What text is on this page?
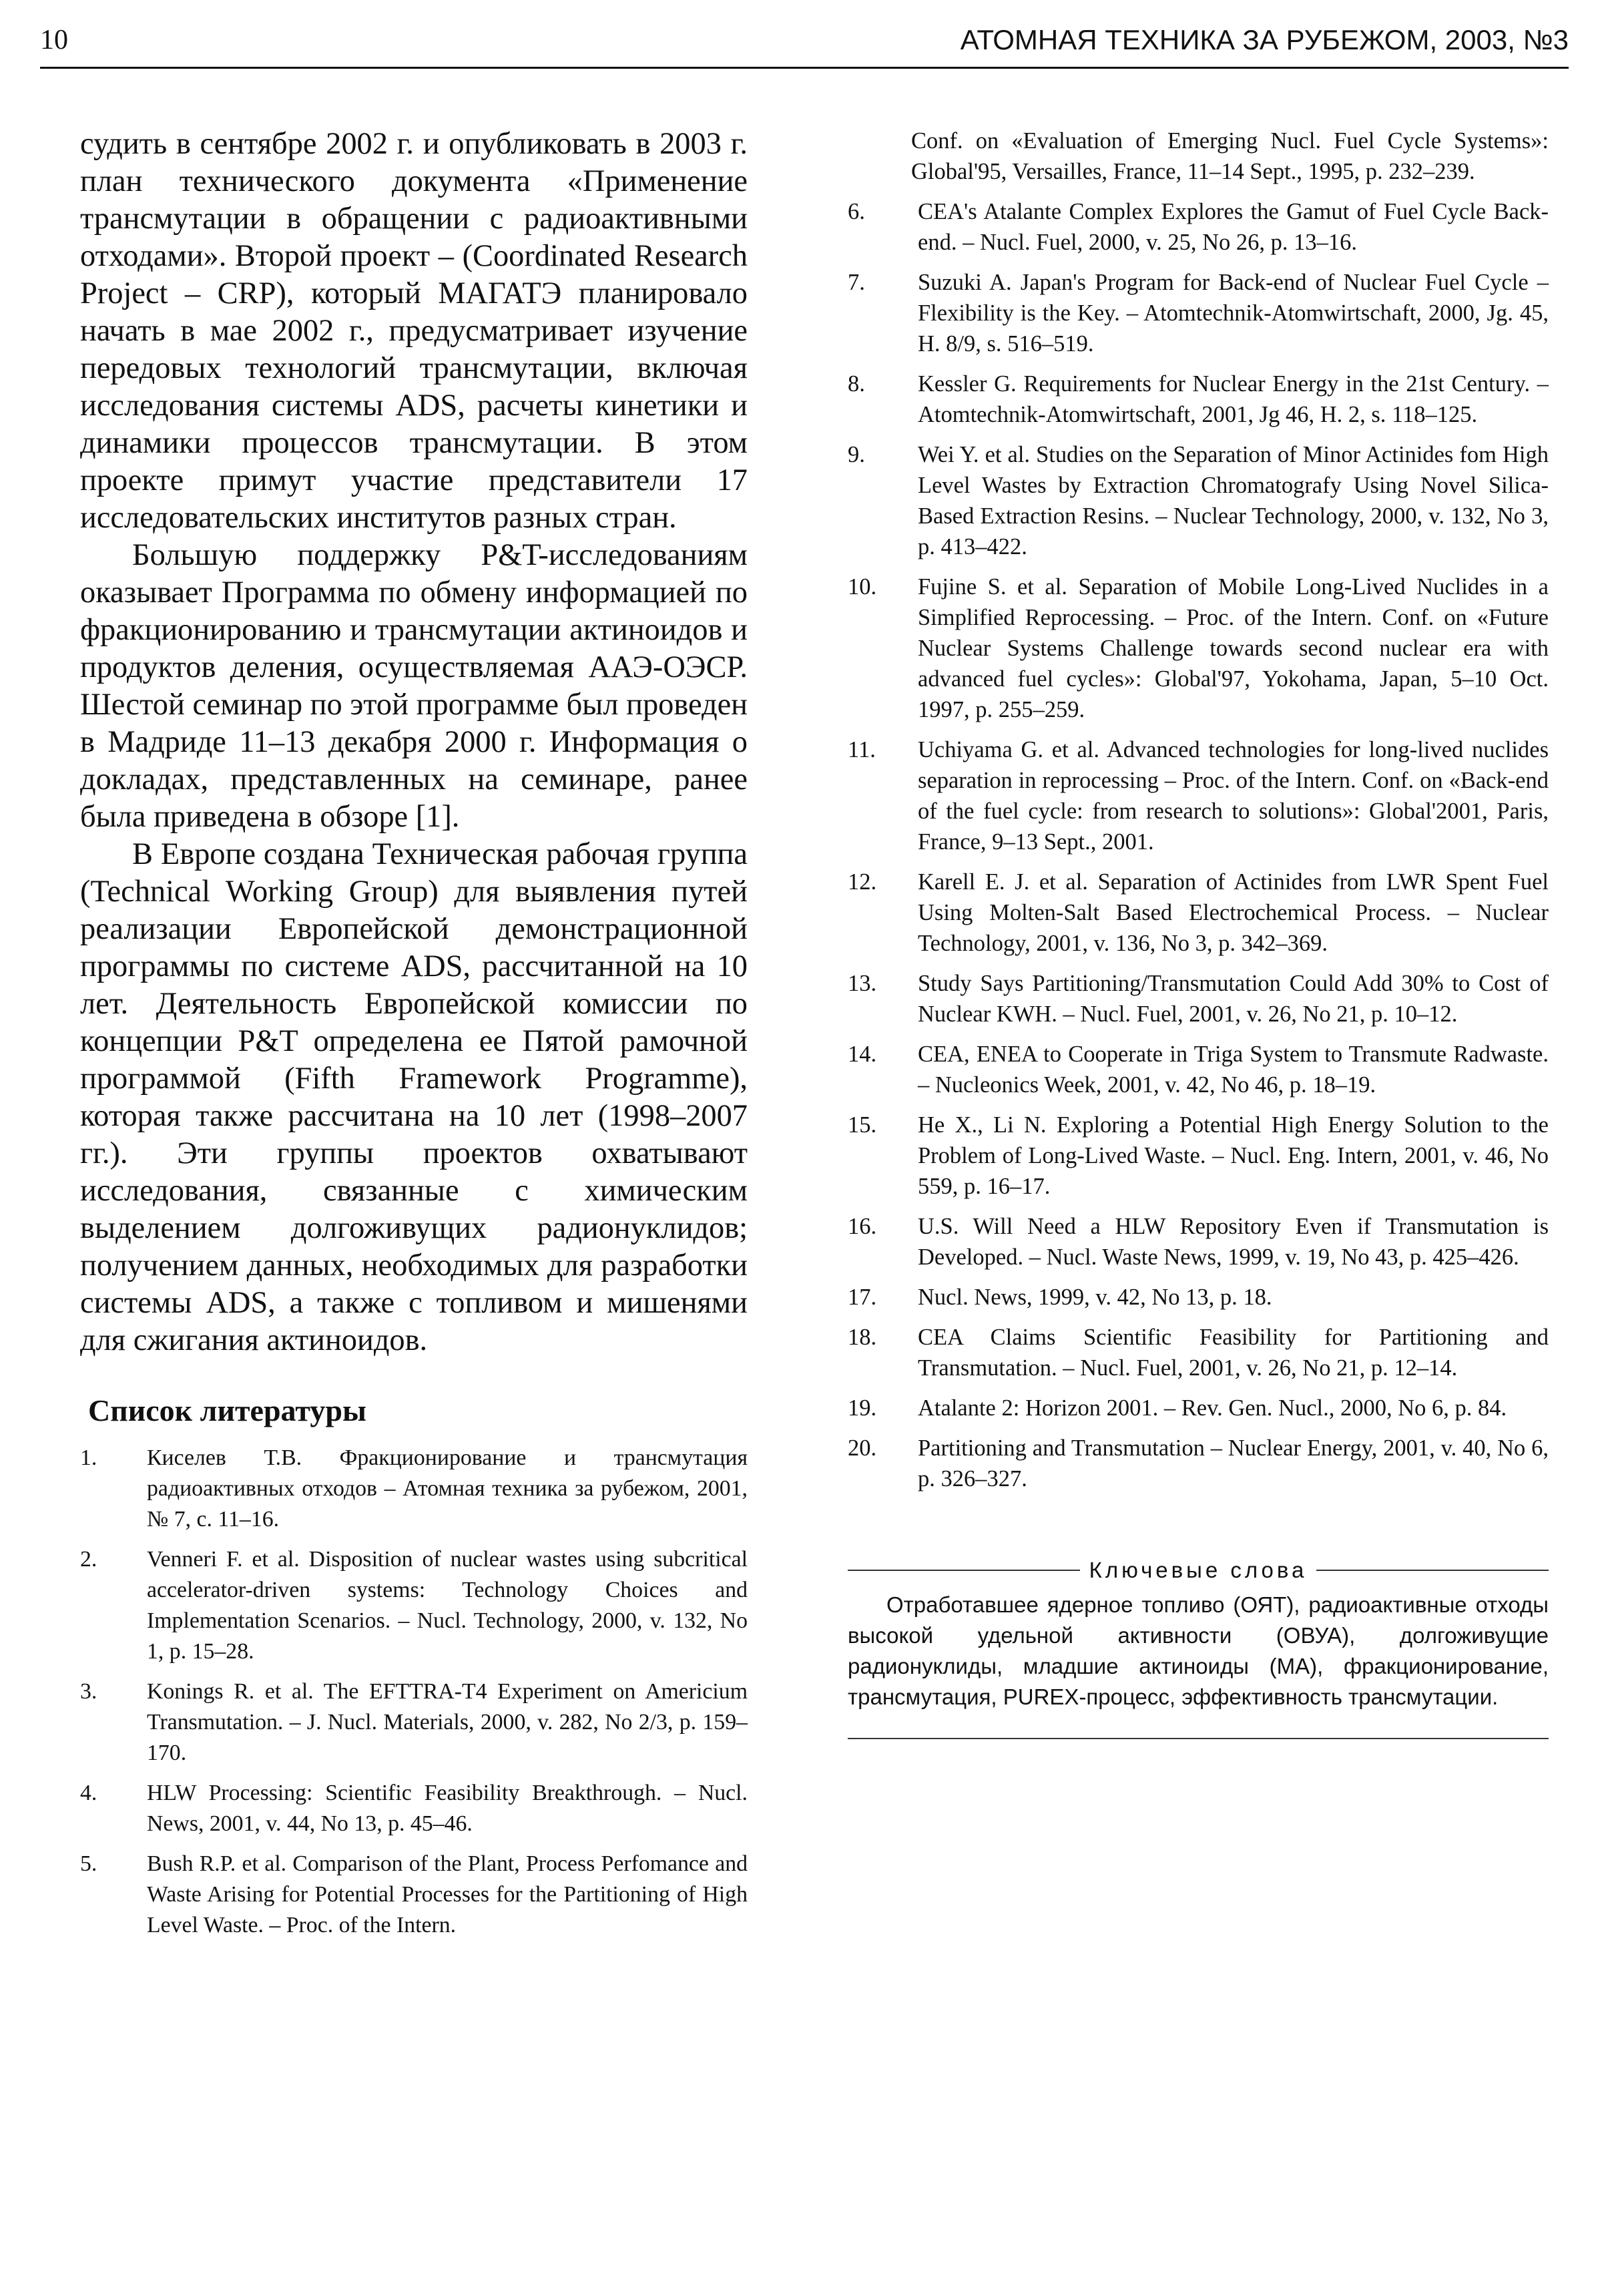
10	АТОМНАЯ ТЕХНИКА ЗА РУБЕЖОМ, 2003, №3

судить в сентябре 2002 г. и опубликовать в 2003 г. план технического документа «Применение трансмутации в обращении с радиоактивными отходами». Второй проект – (Coordinated Research Project – CRP), который МАГАТЭ планировало начать в мае 2002 г., предусматривает изучение передовых технологий трансмутации, включая исследования системы ADS, расчеты кинетики и динамики процессов трансмутации. В этом проекте примут участие представители 17 исследовательских институтов разных стран.

Большую поддержку P&T-исследованиям оказывает Программа по обмену информацией по фракционированию и трансмутации актиноидов и продуктов деления, осуществляемая ААЭ-ОЭСР. Шестой семинар по этой программе был проведен в Мадриде 11–13 декабря 2000 г. Информация о докладах, представленных на семинаре, ранее была приведена в обзоре [1].

В Европе создана Техническая рабочая группа (Technical Working Group) для выявления путей реализации Европейской демонстрационной программы по системе ADS, рассчитанной на 10 лет. Деятельность Европейской комиссии по концепции P&T определена ее Пятой рамочной программой (Fifth Framework Programme), которая также рассчитана на 10 лет (1998–2007 гг.). Эти группы проектов охватывают исследования, связанные с химическим выделением долгоживущих радионуклидов; получением данных, необходимых для разработки системы ADS, а также с топливом и мишенями для сжигания актиноидов.

Список литературы
1. Киселев Т.В. Фракционирование и трансмутация радиоактивных отходов – Атомная техника за рубежом, 2001, № 7, с. 11–16.
2. Venneri F. et al. Disposition of nuclear wastes using subcritical accelerator-driven systems: Technology Choices and Implementation Scenarios. – Nucl. Technology, 2000, v. 132, No 1, p. 15–28.
3. Konings R. et al. The EFTTRA-T4 Experiment on Americium Transmutation. – J. Nucl. Materials, 2000, v. 282, No 2/3, p. 159–170.
4. HLW Processing: Scientific Feasibility Breakthrough. – Nucl. News, 2001, v. 44, No 13, p. 45–46.
5. Bush R.P. et al. Comparison of the Plant, Process Perfomance and Waste Arising for Potential Processes for the Partitioning of High Level Waste. – Proc. of the Intern.
Conf. on «Evaluation of Emerging Nucl. Fuel Cycle Systems»: Global'95, Versailles, France, 11–14 Sept., 1995, p. 232–239.
6. CEA's Atalante Complex Explores the Gamut of Fuel Cycle Back-end. – Nucl. Fuel, 2000, v. 25, No 26, p. 13–16.
7. Suzuki A. Japan's Program for Back-end of Nuclear Fuel Cycle – Flexibility is the Key. – Atomtechnik-Atomwirtschaft, 2000, Jg. 45, H. 8/9, s. 516–519.
8. Kessler G. Requirements for Nuclear Energy in the 21st Century. – Atomtechnik-Atomwirtschaft, 2001, Jg 46, H. 2, s. 118–125.
9. Wei Y. et al. Studies on the Separation of Minor Actinides fom High Level Wastes by Extraction Chromatografy Using Novel Silica-Based Extraction Resins. – Nuclear Technology, 2000, v. 132, No 3, p. 413–422.
10. Fujine S. et al. Separation of Mobile Long-Lived Nuclides in a Simplified Reprocessing. – Proc. of the Intern. Conf. on «Future Nuclear Systems Challenge towards second nuclear era with advanced fuel cycles»: Global'97, Yokohama, Japan, 5–10 Oct. 1997, p. 255–259.
11. Uchiyama G. et al. Advanced technologies for long-lived nuclides separation in reprocessing – Proc. of the Intern. Conf. on «Back-end of the fuel cycle: from research to solutions»: Global'2001, Paris, France, 9–13 Sept., 2001.
12. Karell E. J. et al. Separation of Actinides from LWR Spent Fuel Using Molten-Salt Based Electrochemical Process. – Nuclear Technology, 2001, v. 136, No 3, p. 342–369.
13. Study Says Partitioning/Transmutation Could Add 30% to Cost of Nuclear KWH. – Nucl. Fuel, 2001, v. 26, No 21, p. 10–12.
14. CEA, ENEA to Cooperate in Triga System to Transmute Radwaste. – Nucleonics Week, 2001, v. 42, No 46, p. 18–19.
15. He X., Li N. Exploring a Potential High Energy Solution to the Problem of Long-Lived Waste. – Nucl. Eng. Intern, 2001, v. 46, No 559, p. 16–17.
16. U.S. Will Need a HLW Repository Even if Transmutation is Developed. – Nucl. Waste News, 1999, v. 19, No 43, p. 425–426.
17. Nucl. News, 1999, v. 42, No 13, p. 18.
18. CEA Claims Scientific Feasibility for Partitioning and Transmutation. – Nucl. Fuel, 2001, v. 26, No 21, p. 12–14.
19. Atalante 2: Horizon 2001. – Rev. Gen. Nucl., 2000, No 6, p. 84.
20. Partitioning and Transmutation – Nuclear Energy, 2001, v. 40, No 6, p. 326–327.
Ключевые слова
Отработавшее ядерное топливо (ОЯТ), радиоактивные отходы высокой удельной активности (ОВУА), долгоживущие радионуклиды, младшие актиноиды (МА), фракционирование, трансмутация, PUREX-процесс, эффективность трансмутации.
